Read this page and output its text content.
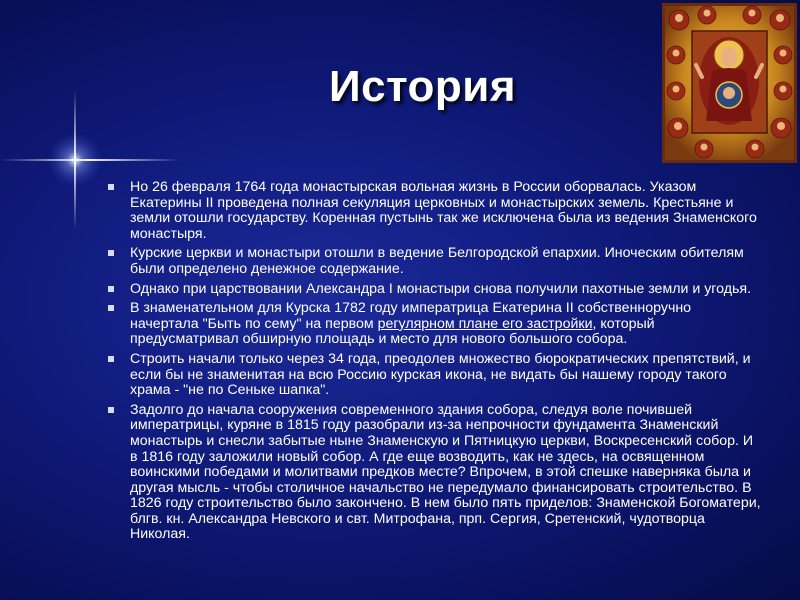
История
Но 26 февраля 1764 года монастырская вольная жизнь в России оборвалась. Указом Екатерины II проведена полная секуляция церковных и монастырских земель. Крестьяне и земли отошли государству. Коренная пустынь так же исключена была из ведения Знаменского монастыря.
Курские церкви и монастыри отошли в ведение Белгородской епархии. Иноческим обителям были определено денежное содержание.
Однако при царствовании Александра I монастыри снова получили пахотные земли и угодья.
В знаменательном для Курска 1782 году императрица Екатерина II собственноручно начертала "Быть по сему" на первом регулярном плане его застройки, который предусматривал обширную площадь и место для нового большого собора.
Строить начали только через 34 года, преодолев множество бюрократических препятствий, и если бы не знаменитая на всю Россию курская икона, не видать бы нашему городу такого храма - "не по Сеньке шапка".
Задолго до начала сооружения современного здания собора, следуя воле почившей императрицы, куряне в 1815 году разобрали из-за непрочности фундамента Знаменский монастырь и снесли забытые ныне Знаменскую и Пятницкую церкви, Воскресенский собор. И в 1816 году заложили новый собор. А где еще возводить, как не здесь, на освященном воинскими победами и молитвами предков месте? Впрочем, в этой спешке наверняка была и другая мысль - чтобы столичное начальство не передумало финансировать строительство. В 1826 году строительство было закончено. В нем было пять приделов: Знаменской Богоматери, блгв. кн. Александра Невского и свт. Митрофана, прп. Сергия, Сретенский, чудотворца Николая.
